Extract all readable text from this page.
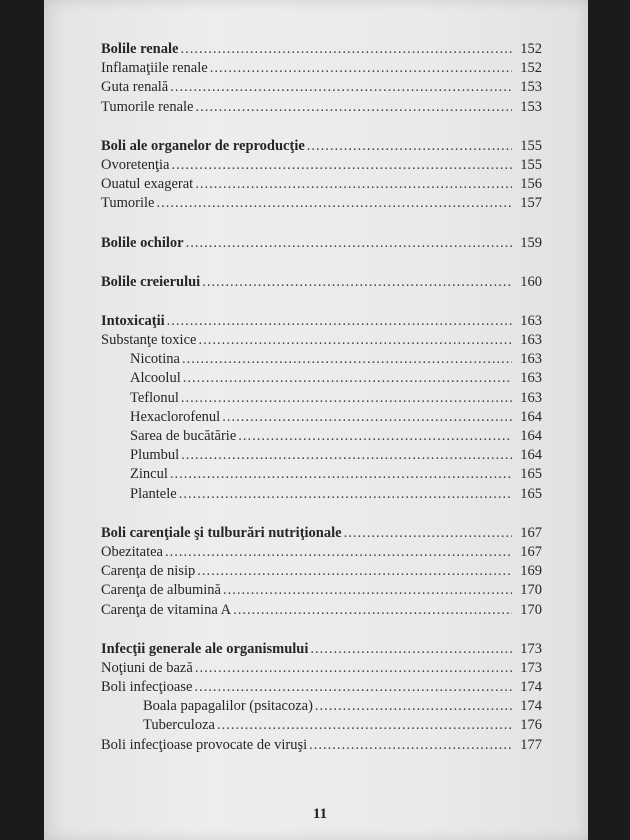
Bolile renale .....	152
Inflamaţiile renale .....	152
Guta renală .....	153
Tumorile renale .....	153
Boli ale organelor de reproducţie .....	155
Ovoretenţia .....	155
Ouatul exagerat .....	156
Tumorile .....	157
Bolile ochilor .....	159
Bolile creierului .....	160
Intoxicaţii .....	163
Substanţe toxice .....	163
Nicotina .....	163
Alcoolul .....	163
Teflonul .....	163
Hexaclorofenul .....	164
Sarea de bucătărie .....	164
Plumbul .....	164
Zincul .....	165
Plantele .....	165
Boli carenţiale şi tulburări nutriţionale .....	167
Obezitatea .....	167
Carenţa de nisip .....	169
Carenţa de albumină .....	170
Carenţa de vitamina A .....	170
Infecţii generale ale organismului .....	173
Noţiuni de bază .....	173
Boli infecţioase .....	174
Boala papagalilor (psitacoza) .....	174
Tuberculoza .....	176
Boli infecţioase provocate de viruşi .....	177
11
